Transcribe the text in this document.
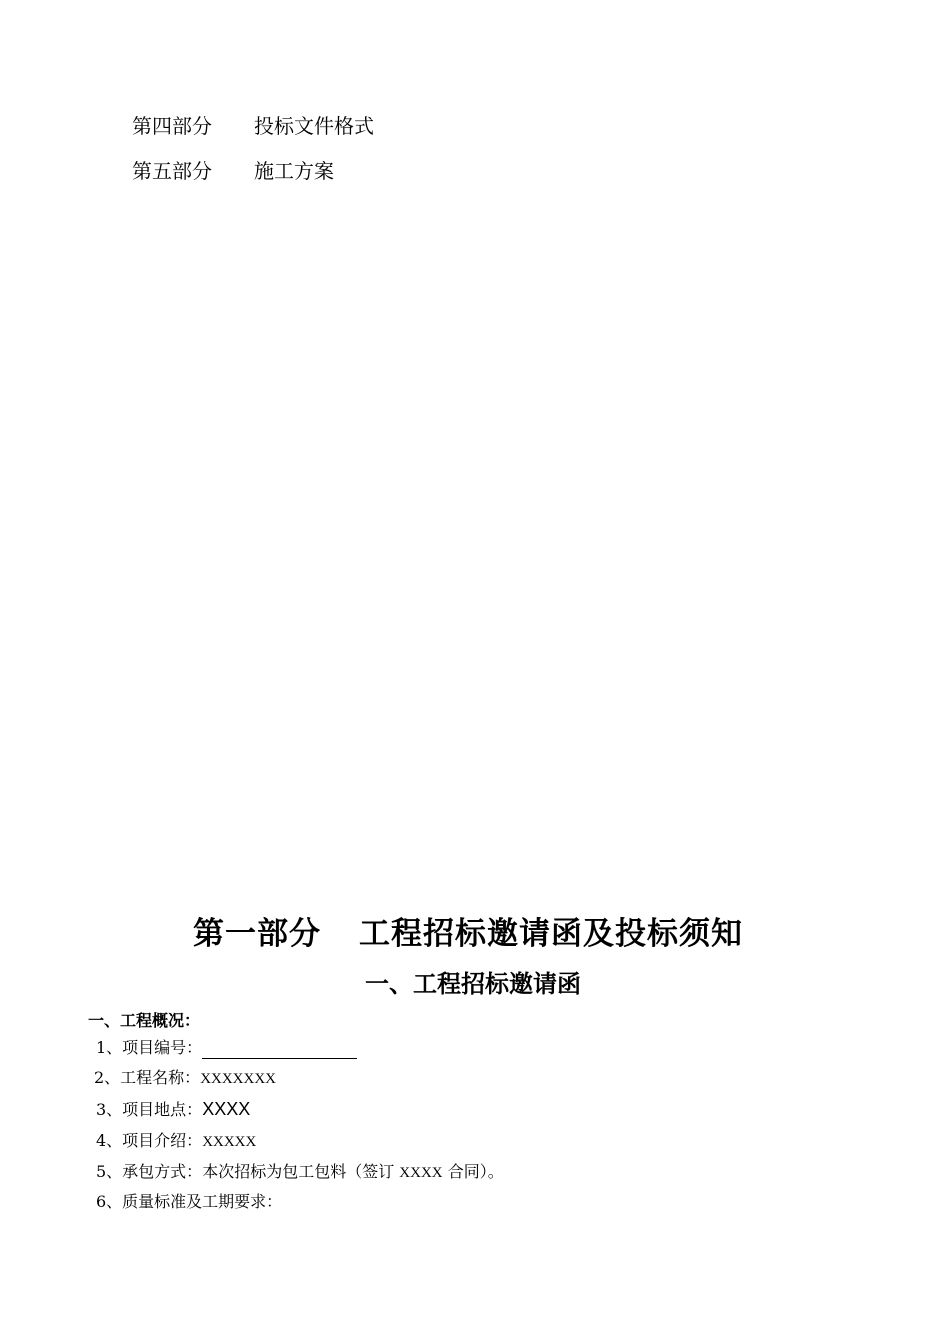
第四部分 投标文件格式
第五部分 施工方案
第一部分 工程招标邀请函及投标须知
一、工程招标邀请函
一、工程概况：
1、项目编号：
2、工程名称：XXXXXXX
3、项目地点：XXXX
4、项目介绍：XXXXX
5、承包方式：本次招标为包工包料（签订 XXXX 合同）。
6、质量标准及工期要求：
